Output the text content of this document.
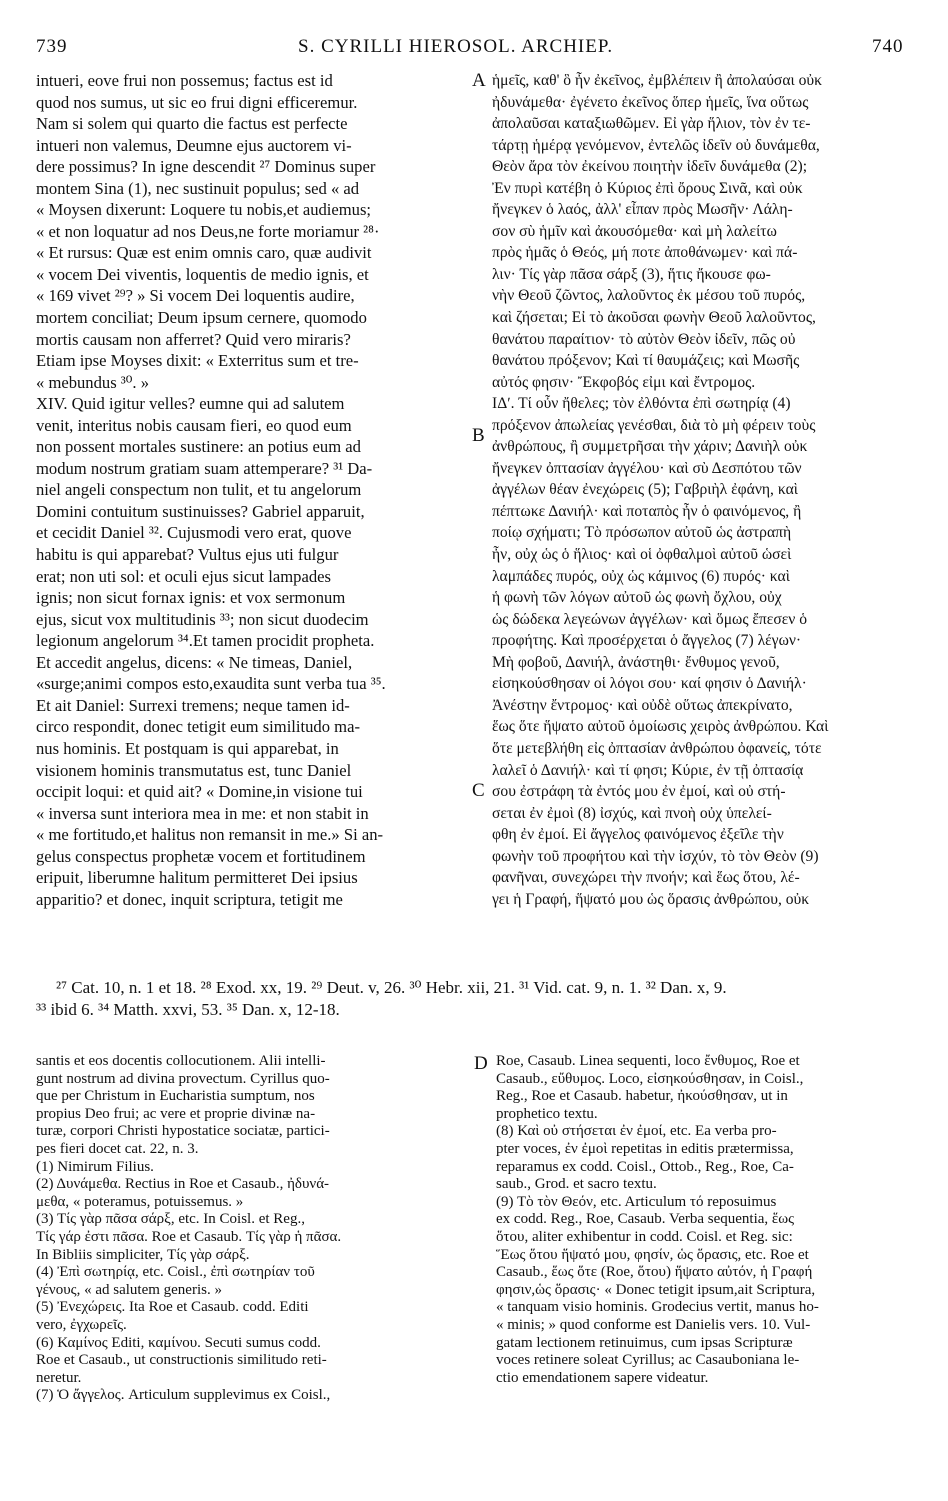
739	S. CYRILLI HIEROSOL. ARCHIEP.	740
intueri, eove frui non possemus; factus est id
quod nos sumus, ut sic eo frui digni efficeremur.
Nam si solem qui quarto die factus est perfecte
intueri non valemus, Deumne ejus auctorem vi-
dere possimus? In igne descendit ²⁷ Dominus super
montem Sina (1), nec sustinuit populus; sed « ad
« Moysen dixerunt: Loquere tu nobis,et audiemus;
« et non loquatur ad nos Deus,ne forte moriamur ²⁸·
« Et rursus: Quæ est enim omnis caro, quæ audivit
« vocem Dei viventis, loquentis de medio ignis, et
« 169 vivet ²⁹? » Si vocem Dei loquentis audire,
mortem conciliat; Deum ipsum cernere, quomodo
mortis causam non afferret? Quid vero miraris?
Etiam ipse Moyses dixit: « Exterritus sum et tre-
« mebundus ³⁰. »
XIV. Quid igitur velles? eumne qui ad salutem
venit, interitus nobis causam fieri, eo quod eum
non possent mortales sustinere: an potius eum ad
modum nostrum gratiam suam attemperare? ³¹ Da-
niel angeli conspectum non tulit, et tu angelorum
Domini contuitum sustinuisses? Gabriel apparuit,
et cecidit Daniel ³². Cujusmodi vero erat, quove
habitu is qui apparebat? Vultus ejus uti fulgur
erat; non uti sol: et oculi ejus sicut lampades
ignis; non sicut fornax ignis: et vox sermonum
ejus, sicut vox multitudinis ³³; non sicut duodecim
legionum angelorum ³⁴.Et tamen procidit propheta.
Et accedit angelus, dicens: « Ne timeas, Daniel,
«surge;animi compos esto,exaudita sunt verba tua ³⁵.
Et ait Daniel: Surrexi tremens; neque tamen id-
circo respondit, donec tetigit eum similitudo ma-
nus hominis. Et postquam is qui apparebat, in
visionem hominis transmutatus est, tunc Daniel
occipit loqui: et quid ait? « Domine,in visione tui
« inversa sunt interiora mea in me: et non stabit in
« me fortitudo,et halitus non remansit in me.» Si an-
gelus conspectus prophetæ vocem et fortitudinem
eripuit, liberumne halitum permitteret Dei ipsius
apparitio? et donec, inquit scriptura, tetigit me
ἡμεῖς, καθ' ὃ ἦν ἐκεῖνος, ἐμβλέπειν ἢ ἀπολαύσαι οὐκ
ἠδυνάμεθα· ἐγένετο ἐκεῖνος ὅπερ ἡμεῖς, ἵνα οὕτως
ἀπολαῦσαι καταξιωθῶμεν. Εἰ γὰρ ἥλιον, τὸν ἐν τε-
τάρτῃ ἡμέρᾳ γενόμενον, ἐντελῶς ἰδεῖν οὐ δυνάμεθα,
Θεὸν ἄρα τὸν ἐκείνου ποιητὴν ἰδεῖν δυνάμεθα (2);
Ἐν πυρὶ κατέβη ὁ Κύριος ἐπὶ ὄρους Σινᾶ, καὶ οὐκ
ἤνεγκεν ὁ λαός, ἀλλ' εἶπαν πρὸς Μωσῆν· Λάλη-
σον σὺ ἡμῖν καὶ ἀκουσόμεθα· καὶ μὴ λαλείτω
πρὸς ἡμᾶς ὁ Θεός, μή ποτε ἀποθάνωμεν· καὶ πά-
λιν· Τίς γὰρ πᾶσα σάρξ (3), ἥτις ἤκουσε φω-
νὴν Θεοῦ ζῶντος, λαλοῦντος ἐκ μέσου τοῦ πυρός,
καὶ ζήσεται; Εἰ τὸ ἀκοῦσαι φωνὴν Θεοῦ λαλοῦντος,
θανάτου παραίτιον· τὸ αὐτὸν Θεὸν ἰδεῖν, πῶς οὐ
θανάτου πρόξενον; Καὶ τί θαυμάζεις; καὶ Μωσῆς
αὐτός φησιν· Ἔκφοβός εἰμι καὶ ἔντρομος.
ΙΔʹ. Τί οὖν ἤθελες; τὸν ἐλθόντα ἐπὶ σωτηρίᾳ (4)
πρόξενον ἀπωλείας γενέσθαι, διὰ τὸ μὴ φέρειν τοὺς
ἀνθρώπους, ἢ συμμετρῆσαι τὴν χάριν; Δανιὴλ οὐκ
ἤνεγκεν ὀπτασίαν ἀγγέλου· καὶ σὺ Δεσπότου τῶν
ἀγγέλων θέαν ἐνεχώρεις (5); Γαβριὴλ ἐφάνη, καὶ
πέπτωκε Δανιήλ· καὶ ποταπὸς ἦν ὁ φαινόμενος, ἢ
ποίῳ σχήματι; Τὸ πρόσωπον αὐτοῦ ὡς ἀστραπὴ
ἦν, οὐχ ὡς ὁ ἥλιος· καὶ οἱ ὀφθαλμοὶ αὐτοῦ ὡσεὶ
λαμπάδες πυρός, οὐχ ὡς κάμινος (6) πυρός· καὶ
ἡ φωνὴ τῶν λόγων αὐτοῦ ὡς φωνὴ ὄχλου, οὐχ
ὡς δώδεκα λεγεώνων ἀγγέλων· καὶ ὅμως ἔπεσεν ὁ
προφήτης. Καὶ προσέρχεται ὁ ἄγγελος (7) λέγων·
Μὴ φοβοῦ, Δανιήλ, ἀνάστηθι· ἔνθυμος γενοῦ,
εἰσηκούσθησαν οἱ λόγοι σου· καί φησιν ὁ Δανιήλ·
Ἀνέστην ἔντρομος· καὶ οὐδὲ οὕτως ἀπεκρίνατο,
ἕως ὅτε ἥψατο αὐτοῦ ὁμοίωσις χειρὸς ἀνθρώπου. Καὶ
ὅτε μετεβλήθη εἰς ὀπτασίαν ἀνθρώπου ὀφανείς, τότε
λαλεῖ ὁ Δανιήλ· καὶ τί φησι; Κύριε, ἐν τῇ ὀπτασίᾳ
σου ἐστράφη τὰ ἐντός μου ἐν ἐμοί, καὶ οὐ στή-
σεται ἐν ἐμοὶ (8) ἰσχύς, καὶ πνοὴ οὐχ ὑπελεί-
φθη ἐν ἐμοί. Εἰ ἄγγελος φαινόμενος ἐξεῖλε τὴν
φωνὴν τοῦ προφήτου καὶ τὴν ἰσχύν, τὸ τὸν Θεὸν (9)
φανῆναι, συνεχώρει τὴν πνοήν; καὶ ἕως ὅτου, λέ-
γει ἡ Γραφή, ἥψατό μου ὡς ὅρασις ἀνθρώπου, οὐκ
A
B
C
D
²⁷ Cat. 10, n. 1 et 18. ²⁸ Exod. xx, 19. ²⁹ Deut. v, 26. ³⁰ Hebr. xii, 21. ³¹ Vid. cat. 9, n. 1. ³² Dan. x, 9.
³³ ibid 6. ³⁴ Matth. xxvi, 53. ³⁵ Dan. x, 12-18.
santis et eos docentis collocutionem. Alii intelli-
gunt nostrum ad divina provectum. Cyrillus quo-
que per Christum in Eucharistia sumptum, nos
propius Deo frui; ac vere et proprie divinæ na-
turæ, corpori Christi hypostatice sociatæ, partici-
pes fieri docet cat. 22, n. 3.
(1) Nimirum Filius.
(2) Δυνάμεθα. Rectius in Roe et Casaub., ἠδυνά-
μεθα, « poteramus, potuissemus. »
(3) Τίς γὰρ πᾶσα σάρξ, etc. In Coisl. et Reg.,
Τίς γάρ ἐστι πᾶσα. Roe et Casaub. Τίς γὰρ ἡ πᾶσα.
In Bibliis simpliciter, Τίς γὰρ σάρξ.
(4) Ἐπὶ σωτηρίᾳ, etc. Coisl., ἐπὶ σωτηρίαν τοῦ
γένους, « ad salutem generis. »
(5) Ἐνεχώρεις. Ita Roe et Casaub. codd. Editi
vero, ἐγχωρεῖς.
(6) Καμίνος Editi, καμίνου. Secuti sumus codd.
Roe et Casaub., ut constructionis similitudo reti-
neretur.
(7) Ὁ ἄγγελος. Articulum supplevimus ex Coisl.,
Roe, Casaub. Linea sequenti, loco ἔνθυμος, Roe et
Casaub., εὔθυμος. Loco, εἰσηκούσθησαν, in Coisl.,
Reg., Roe et Casaub. habetur, ἠκούσθησαν, ut in
prophetico textu.
(8) Καὶ οὐ στήσεται ἐν ἐμοί, etc. Ea verba pro-
pter voces, ἐν ἐμοὶ repetitas in editis prætermissa,
reparamus ex codd. Coisl., Ottob., Reg., Roe, Ca-
saub., Grod. et sacro textu.
(9) Τὸ τὸν Θεόν, etc. Articulum τό reposuimus
ex codd. Reg., Roe, Casaub. Verba sequentia, ἕως
ὅτου, aliter exhibentur in codd. Coisl. et Reg. sic:
Ἕως ὅτου ἥψατό μου, φησίν, ὡς ὅρασις, etc. Roe et
Casaub., ἕως ὅτε (Roe, ὅτου) ἥψατο αὐτόν, ἡ Γραφή
φησιν,ὡς ὅρασις· « Donec tetigit ipsum,ait Scriptura,
« tanquam visio hominis. Grodecius vertit, manus ho-
« minis; » quod conforme est Danielis vers. 10. Vul-
gatam lectionem retinuimus, cum ipsas Scripturæ
voces retinere soleat Cyrillus; ac Casauboniana le-
ctio emendationem sapere videatur.
